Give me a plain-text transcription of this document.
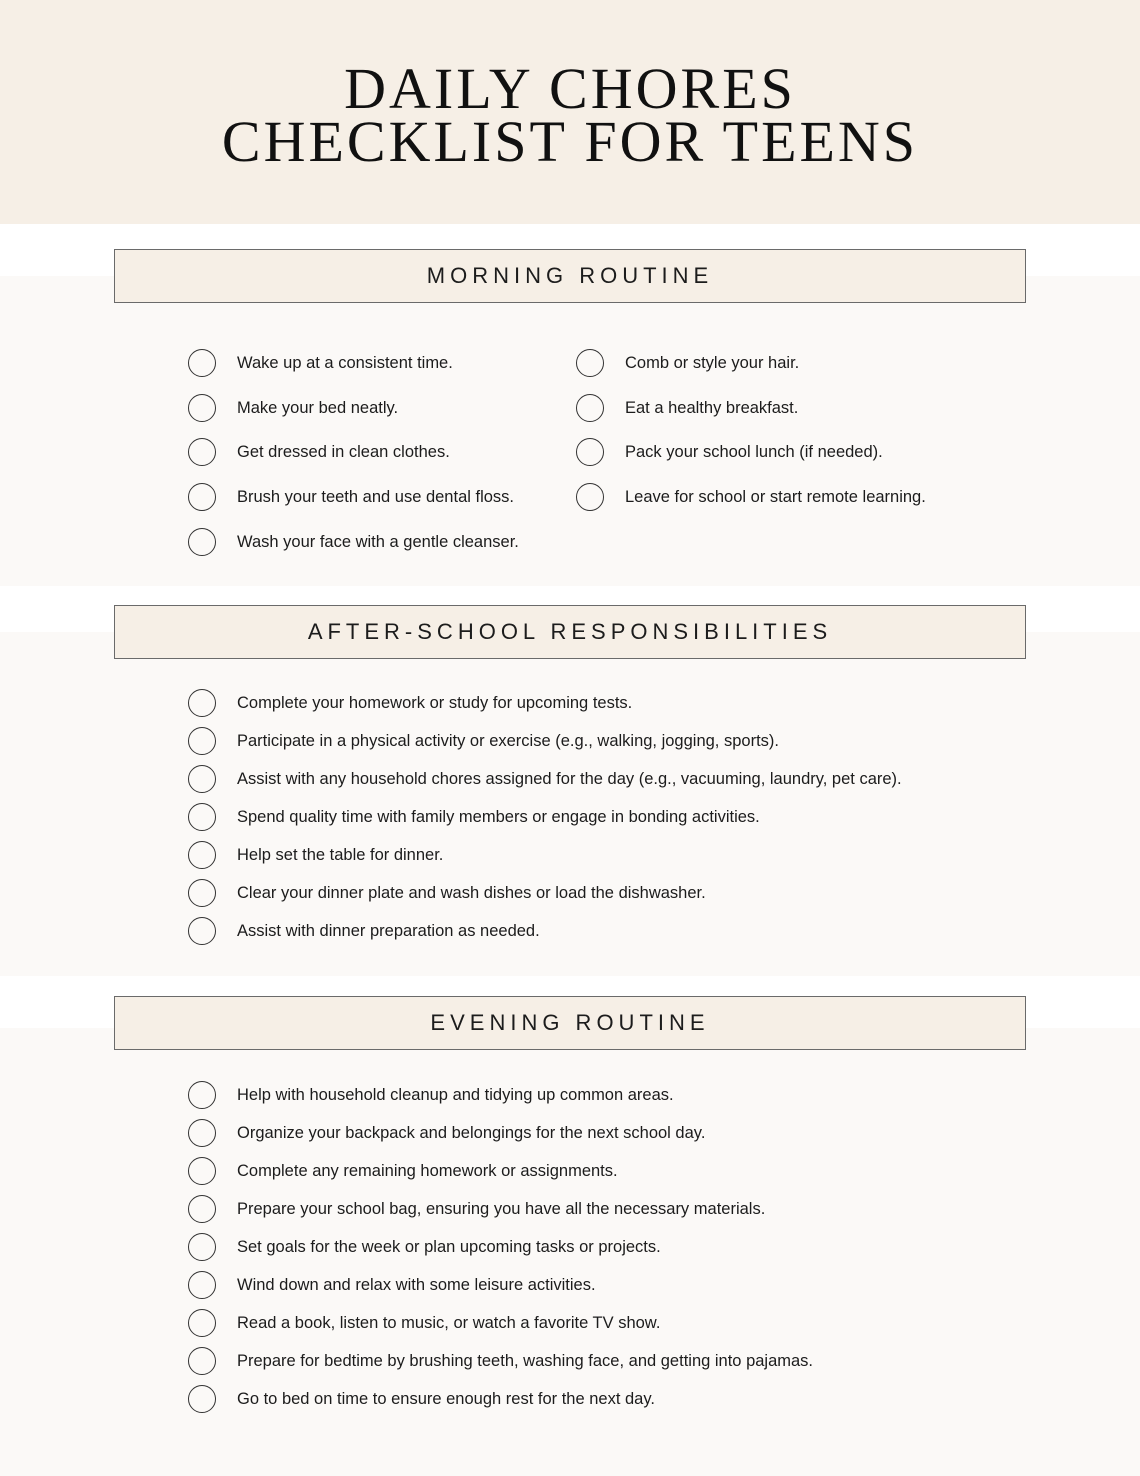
DAILY CHORES
CHECKLIST FOR TEENS
MORNING ROUTINE
Wake up at a consistent time.
Make your bed neatly.
Get dressed in clean clothes.
Brush your teeth and use dental floss.
Wash your face with a gentle cleanser.
Comb or style your hair.
Eat a healthy breakfast.
Pack your school lunch (if needed).
Leave for school or start remote learning.
AFTER-SCHOOL RESPONSIBILITIES
Complete your homework or study for upcoming tests.
Participate in a physical activity or exercise (e.g., walking, jogging, sports).
Assist with any household chores assigned for the day (e.g., vacuuming, laundry, pet care).
Spend quality time with family members or engage in bonding activities.
Help set the table for dinner.
Clear your dinner plate and wash dishes or load the dishwasher.
Assist with dinner preparation as needed.
EVENING ROUTINE
Help with household cleanup and tidying up common areas.
Organize your backpack and belongings for the next school day.
Complete any remaining homework or assignments.
Prepare your school bag, ensuring you have all the necessary materials.
Set goals for the week or plan upcoming tasks or projects.
Wind down and relax with some leisure activities.
Read a book, listen to music, or watch a favorite TV show.
Prepare for bedtime by brushing teeth, washing face, and getting into pajamas.
Go to bed on time to ensure enough rest for the next day.
